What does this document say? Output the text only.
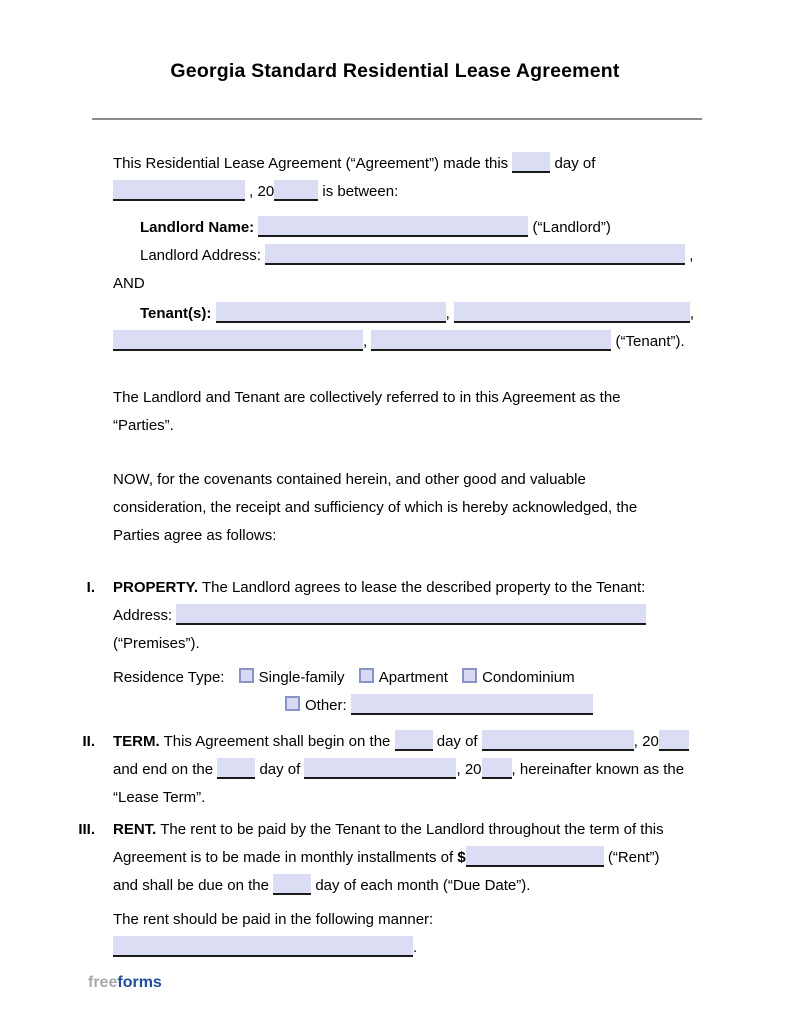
Georgia Standard Residential Lease Agreement
This Residential Lease Agreement (“Agreement”) made this	day of
, 20	is between:
Landlord Name:	(“Landlord”)
Landlord Address:	,
AND
Tenant(s):	,	,
,	(“Tenant”).
The Landlord and Tenant are collectively referred to in this Agreement as the
“Parties”.
NOW, for the covenants contained herein, and other good and valuable
consideration, the receipt and sufficiency of which is hereby acknowledged, the
Parties agree as follows:
I.	PROPERTY. The Landlord agrees to lease the described property to the Tenant:
Address:
(“Premises”).
Residence Type: Single-family Apartment Condominium
Other:
II.	TERM. This Agreement shall begin on the	day of	, 20
and end on the	day of	, 20 , hereinafter known as the
“Lease Term”.
III.	RENT. The rent to be paid by the Tenant to the Landlord throughout the term of this
Agreement is to be made in monthly installments of $	(“Rent”)
and shall be due on the	day of each month (“Due Date”).
The rent should be paid in the following manner:
.
freeforms
